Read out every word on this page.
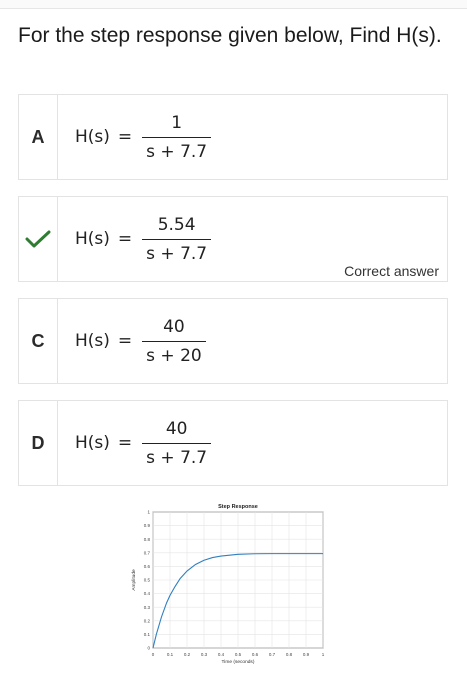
For the step response given below, Find H(s).
A	$H(s) = \frac{1}{s + 7.7}$
$H(s) = \frac{5.54}{s + 7.7}$
Correct answer
C	$H(s) = \frac{40}{s + 20}$
D	$H(s) = \frac{40}{s + 7.7}$
0	0.1 0.2 0.3 0.4 0.5 0.6 0.7 0.8 0.9	1
0
0.1
0.2
0.3
0.4
0.5
0.6
0.7
0.8
0.9
1
Step Response
Time (seconds)
Amplitude
